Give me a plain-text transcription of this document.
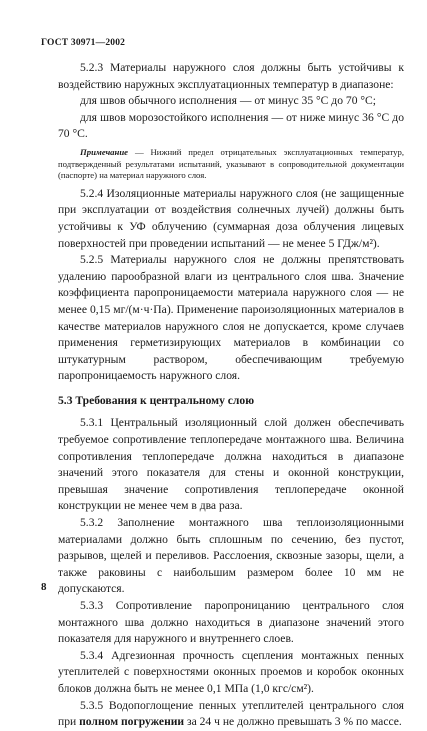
ГОСТ 30971—2002

5.2.3 Материалы наружного слоя должны быть устойчивы к воздействию наружных эксплуатационных температур в диапазоне:

для швов обычного исполнения — от минус 35 °С до 70 °С;

для швов морозостойкого исполнения — от ниже минус 36 °С до 70 °С.

Примечание — Нижний предел отрицательных эксплуатационных температур, подтвержденный результатами испытаний, указывают в сопроводительной документации (паспорте) на материал наружного слоя.

5.2.4 Изоляционные материалы наружного слоя (не защищенные при эксплуатации от воздействия солнечных лучей) должны быть устойчивы к УФ облучению (суммарная доза облучения лицевых поверхностей при проведении испытаний — не менее 5 ГДж/м²).

5.2.5 Материалы наружного слоя не должны препятствовать удалению парообразной влаги из центрального слоя шва. Значение коэффициента паропроницаемости материала наружного слоя — не менее 0,15 мг/(м·ч·Па). Применение пароизоляционных материалов в качестве материалов наружного слоя не допускается, кроме случаев применения герметизирующих материалов в комбинации со штукатурным раствором, обеспечивающим требуемую паропроницаемость наружного слоя.

5.3 Требования к центральному слою

5.3.1 Центральный изоляционный слой должен обеспечивать требуемое сопротивление теплопередаче монтажного шва. Величина сопротивления теплопередаче должна находиться в диапазоне значений этого показателя для стены и оконной конструкции, превышая значение сопротивления теплопередаче оконной конструкции не менее чем в два раза.

5.3.2 Заполнение монтажного шва теплоизоляционными материалами должно быть сплошным по сечению, без пустот, разрывов, щелей и переливов. Расслоения, сквозные зазоры, щели, а также раковины с наибольшим размером более 10 мм не допускаются.

5.3.3 Сопротивление паропроницанию центрального слоя монтажного шва должно находиться в диапазоне значений этого показателя для наружного и внутреннего слоев.

5.3.4 Адгезионная прочность сцепления монтажных пенных утеплителей с поверхностями оконных проемов и коробок оконных блоков должна быть не менее 0,1 МПа (1,0 кгс/см²).

5.3.5 Водопоглощение пенных утеплителей центрального слоя при полном погружении за 24 ч не должно превышать 3 % по массе.

8
